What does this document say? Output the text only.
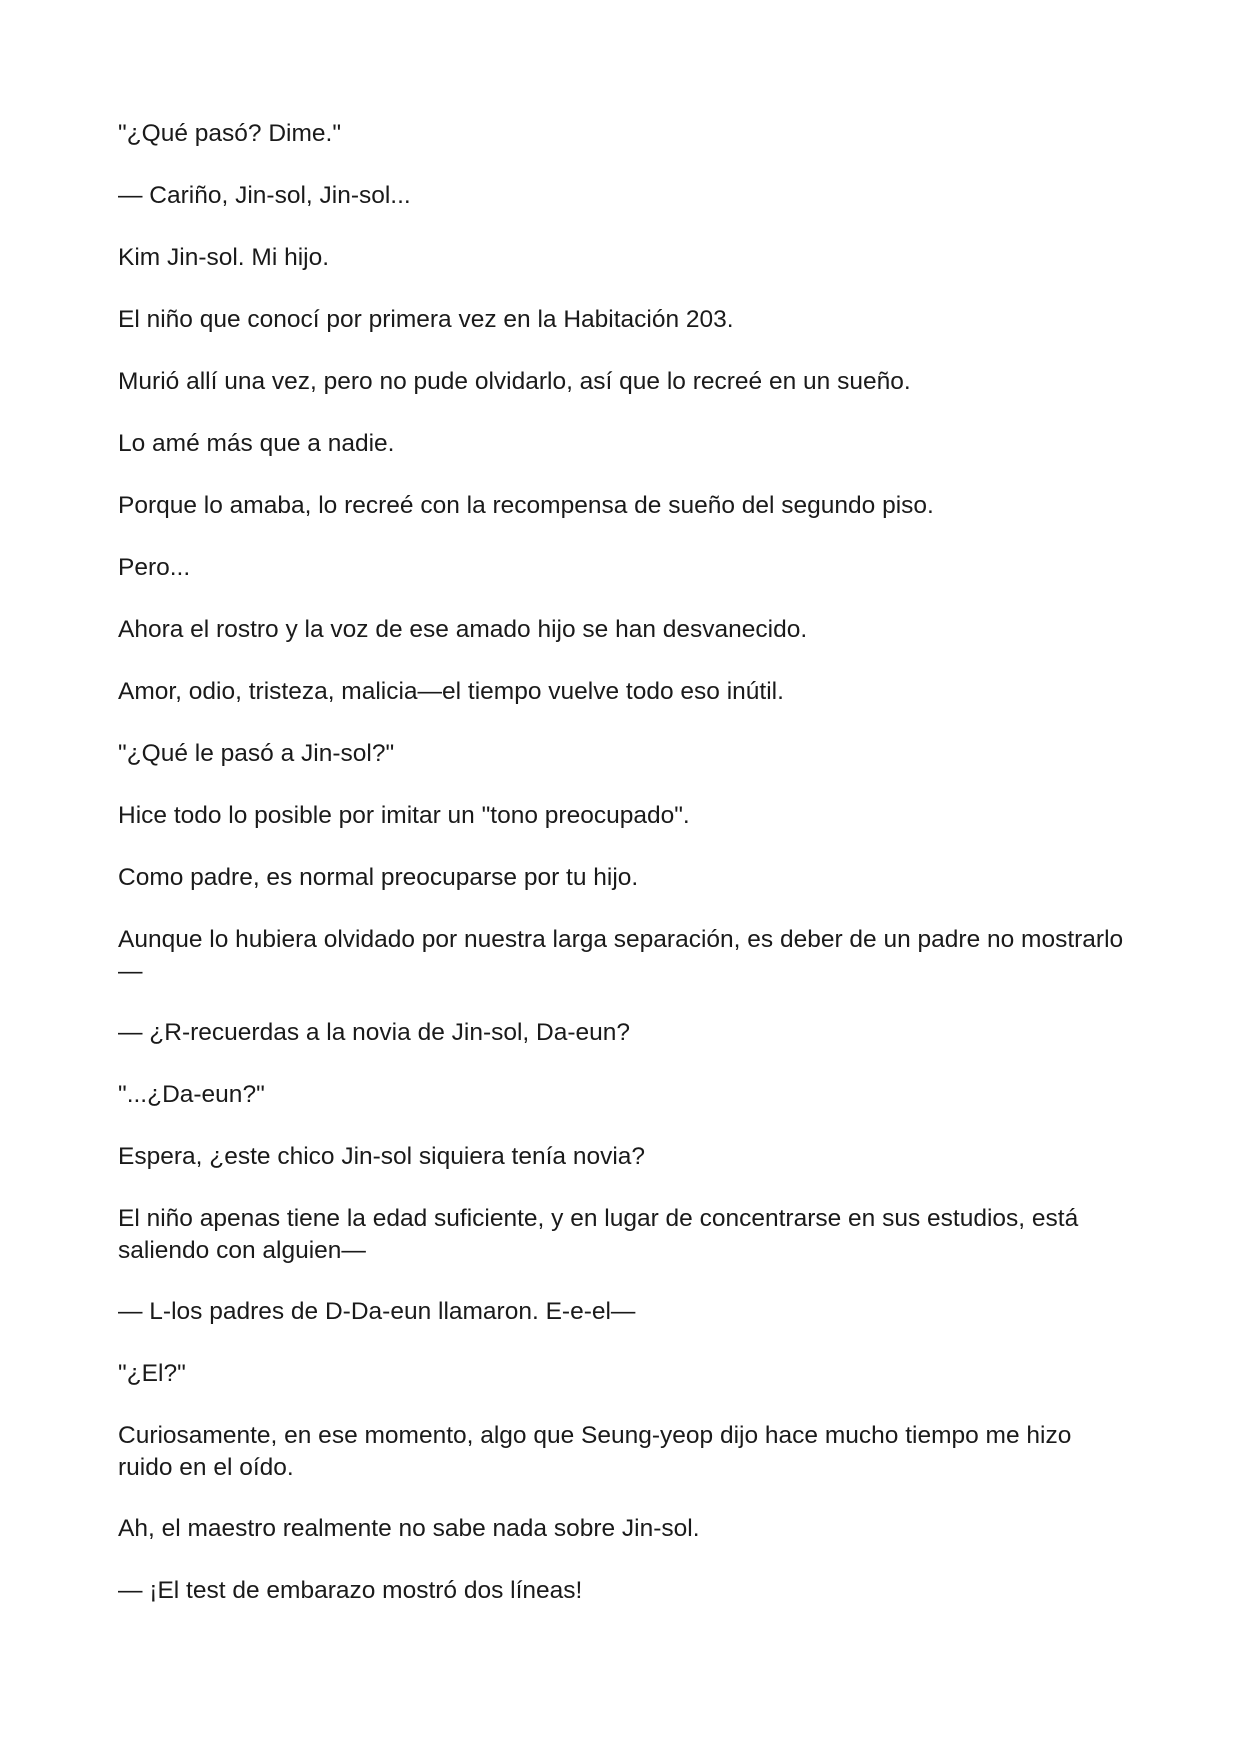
"¿Qué pasó? Dime."

— Cariño, Jin-sol, Jin-sol...

Kim Jin-sol. Mi hijo.

El niño que conocí por primera vez en la Habitación 203.

Murió allí una vez, pero no pude olvidarlo, así que lo recreé en un sueño.

Lo amé más que a nadie.

Porque lo amaba, lo recreé con la recompensa de sueño del segundo piso.

Pero...

Ahora el rostro y la voz de ese amado hijo se han desvanecido.

Amor, odio, tristeza, malicia—el tiempo vuelve todo eso inútil.

"¿Qué le pasó a Jin-sol?"

Hice todo lo posible por imitar un "tono preocupado".

Como padre, es normal preocuparse por tu hijo.

Aunque lo hubiera olvidado por nuestra larga separación, es deber de un padre no mostrarlo—

— ¿R-recuerdas a la novia de Jin-sol, Da-eun?

"...¿Da-eun?"

Espera, ¿este chico Jin-sol siquiera tenía novia?

El niño apenas tiene la edad suficiente, y en lugar de concentrarse en sus estudios, está saliendo con alguien—

— L-los padres de D-Da-eun llamaron. E-e-el—

"¿El?"

Curiosamente, en ese momento, algo que Seung-yeop dijo hace mucho tiempo me hizo ruido en el oído.

Ah, el maestro realmente no sabe nada sobre Jin-sol.

— ¡El test de embarazo mostró dos líneas!
